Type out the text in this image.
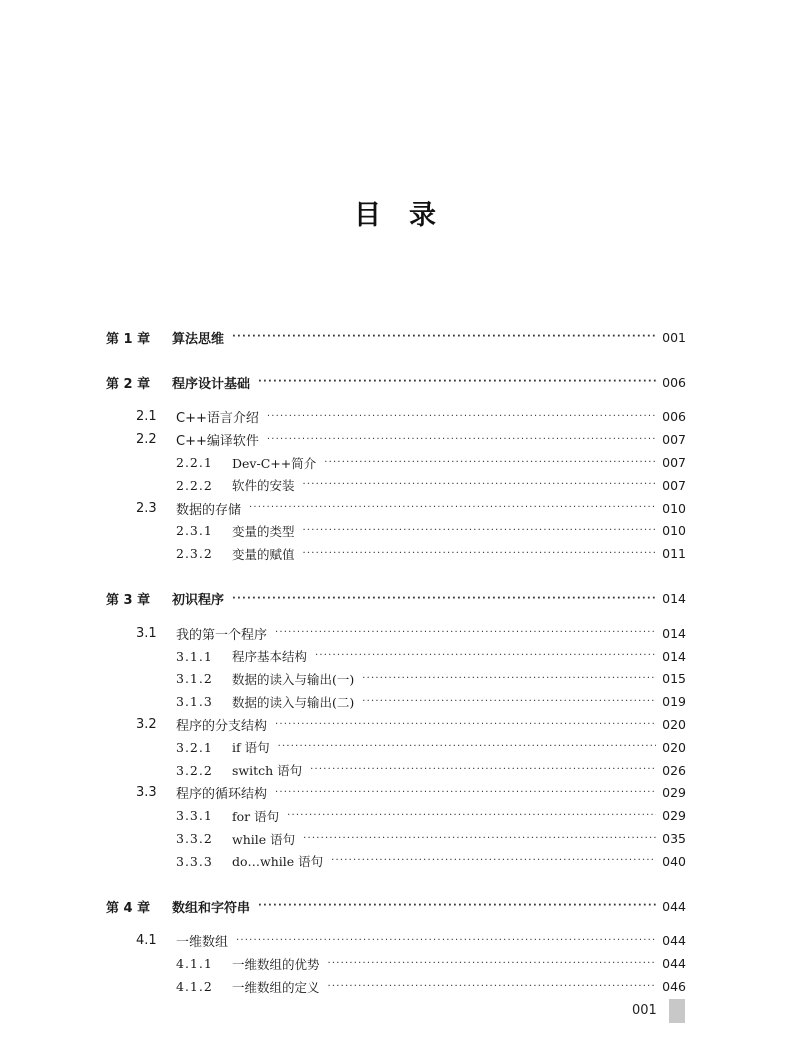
目 录
第 1 章	算法思维 ·····	001
第 2 章	程序设计基础 ·····	006
2.1	C++语言介绍 ·····	006
2.2	C++编译软件 ·····	007
2.2.1	Dev-C++简介 ·····	007
2.2.2	软件的安装 ·····	007
2.3	数据的存储 ·····	010
2.3.1	变量的类型 ·····	010
2.3.2	变量的赋值 ·····	011
第 3 章	初识程序 ·····	014
3.1	我的第一个程序 ·····	014
3.1.1	程序基本结构 ·····	014
3.1.2	数据的读入与输出(一) ·····	015
3.1.3	数据的读入与输出(二) ·····	019
3.2	程序的分支结构 ·····	020
3.2.1	if 语句 ·····	020
3.2.2	switch 语句 ·····	026
3.3	程序的循环结构 ·····	029
3.3.1	for 语句 ·····	029
3.3.2	while 语句 ·····	035
3.3.3	do…while 语句 ·····	040
第 4 章	数组和字符串 ·····	044
4.1	一维数组 ·····	044
4.1.1	一维数组的优势 ·····	044
4.1.2	一维数组的定义 ·····	046
001
